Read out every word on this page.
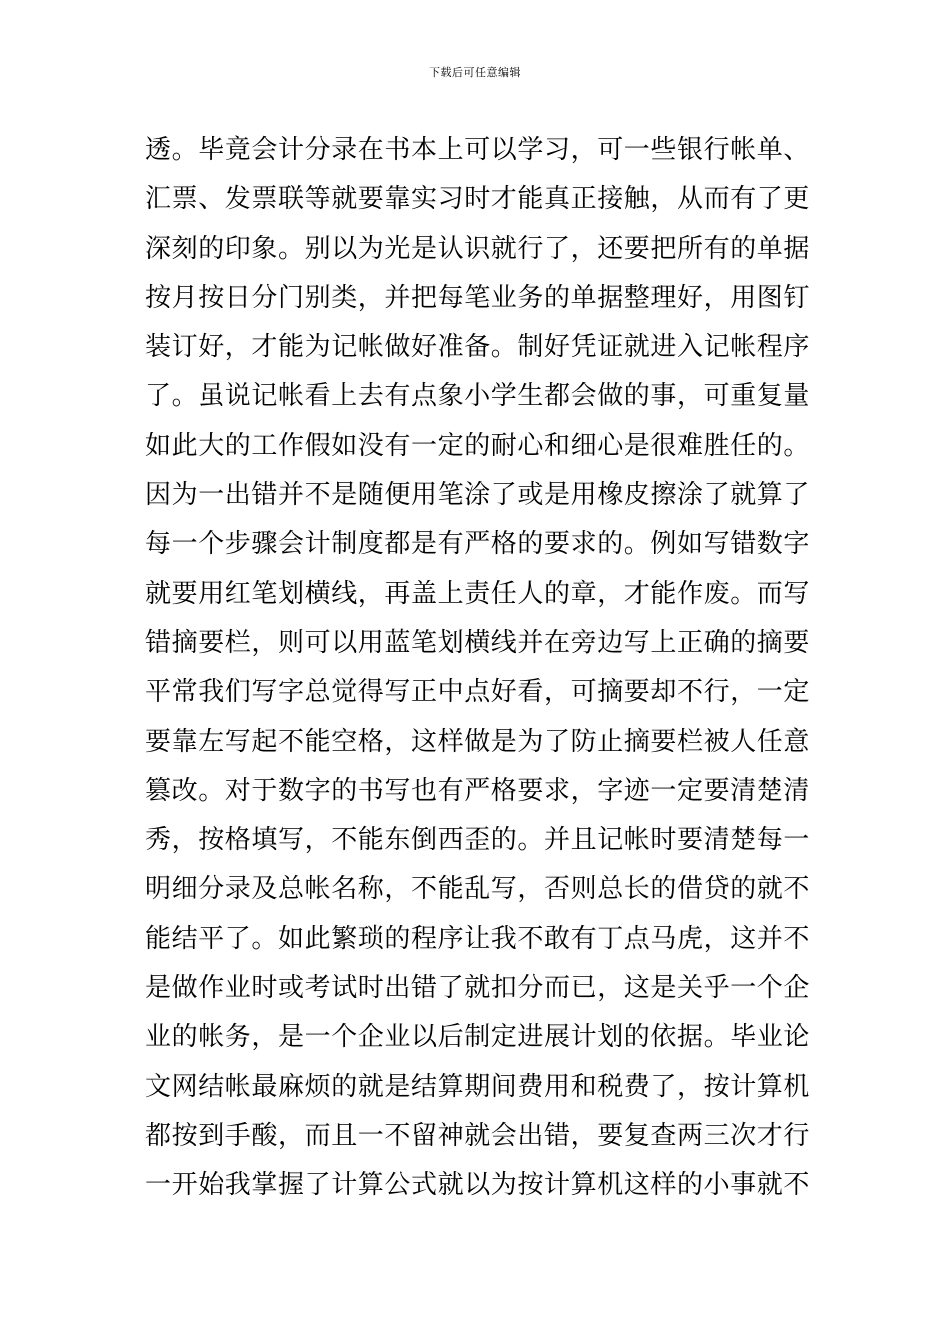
下载后可任意编辑
透。毕竟会计分录在书本上可以学习，可一些银行帐单、
汇票、发票联等就要靠实习时才能真正接触，从而有了更
深刻的印象。别以为光是认识就行了，还要把所有的单据
按月按日分门别类，并把每笔业务的单据整理好，用图钉
装订好，才能为记帐做好准备。制好凭证就进入记帐程序
了。虽说记帐看上去有点象小学生都会做的事，可重复量
如此大的工作假如没有一定的耐心和细心是很难胜任的。
因为一出错并不是随便用笔涂了或是用橡皮擦涂了就算了
每一个步骤会计制度都是有严格的要求的。例如写错数字
就要用红笔划横线，再盖上责任人的章，才能作废。而写
错摘要栏，则可以用蓝笔划横线并在旁边写上正确的摘要
平常我们写字总觉得写正中点好看，可摘要却不行，一定
要靠左写起不能空格，这样做是为了防止摘要栏被人任意
篡改。对于数字的书写也有严格要求，字迹一定要清楚清
秀，按格填写，不能东倒西歪的。并且记帐时要清楚每一
明细分录及总帐名称，不能乱写，否则总长的借贷的就不
能结平了。如此繁琐的程序让我不敢有丁点马虎，这并不
是做作业时或考试时出错了就扣分而已，这是关乎一个企
业的帐务，是一个企业以后制定进展计划的依据。毕业论
文网结帐最麻烦的就是结算期间费用和税费了，按计算机
都按到手酸，而且一不留神就会出错，要复查两三次才行
一开始我掌握了计算公式就以为按计算机这样的小事就不
